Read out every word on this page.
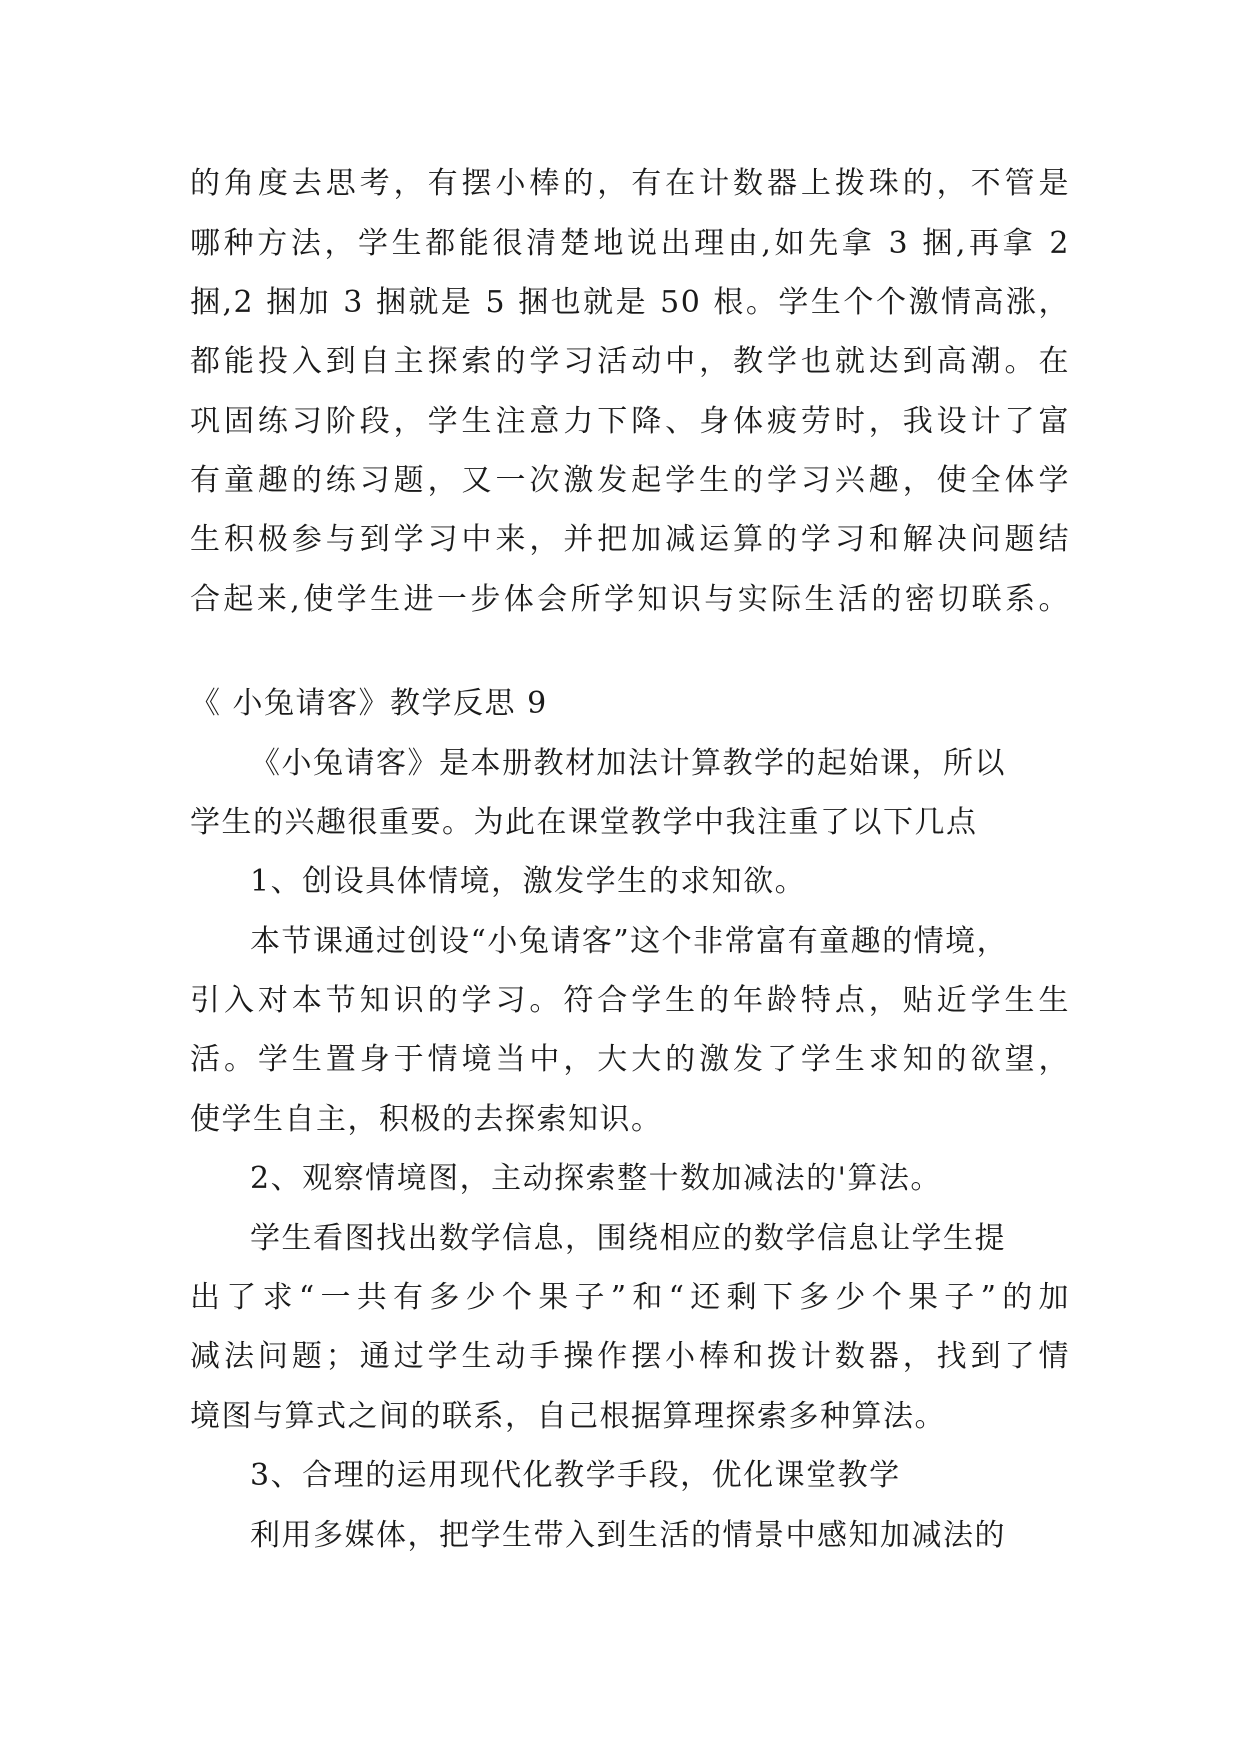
的角度去思考，有摆小棒的，有在计数器上拨珠的，不管是
哪种方法，学生都能很清楚地说出理由,如先拿 3 捆,再拿 2
捆,2 捆加 3 捆就是 5 捆也就是 50 根。学生个个激情高涨，
都能投入到自主探索的学习活动中，教学也就达到高潮。在
巩固练习阶段，学生注意力下降、身体疲劳时，我设计了富
有童趣的练习题，又一次激发起学生的学习兴趣，使全体学
生积极参与到学习中来，并把加减运算的学习和解决问题结
合起来,使学生进一步体会所学知识与实际生活的密切联系。
《 小兔请客》教学反思 9
《小兔请客》是本册教材加法计算教学的起始课，所以
学生的兴趣很重要。为此在课堂教学中我注重了以下几点
1、创设具体情境，激发学生的求知欲。
本节课通过创设“小兔请客”这个非常富有童趣的情境，
引入对本节知识的学习。符合学生的年龄特点，贴近学生生
活。学生置身于情境当中，大大的激发了学生求知的欲望，
使学生自主，积极的去探索知识。
2、观察情境图，主动探索整十数加减法的'算法。
学生看图找出数学信息，围绕相应的数学信息让学生提
出了求“一共有多少个果子”和“还剩下多少个果子”的加
减法问题；通过学生动手操作摆小棒和拨计数器，找到了情
境图与算式之间的联系，自己根据算理探索多种算法。
3、合理的运用现代化教学手段，优化课堂教学
利用多媒体，把学生带入到生活的情景中感知加减法的
